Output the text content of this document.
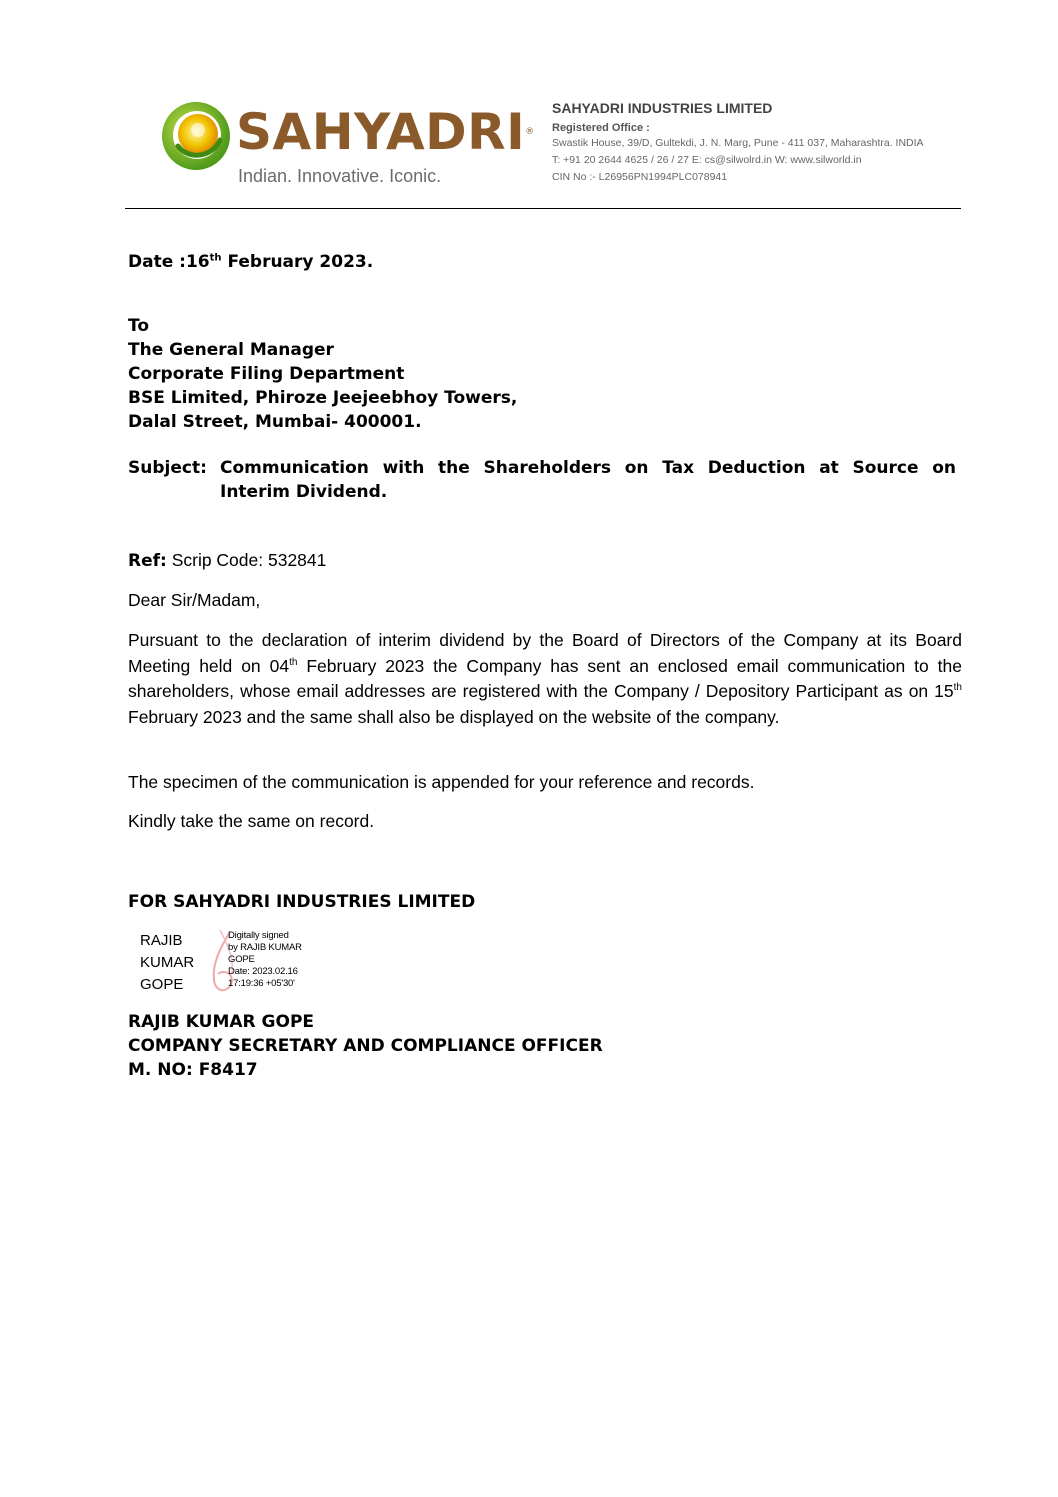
SAHYADRI®
Indian. Innovative. Iconic.
SAHYADRI INDUSTRIES LIMITED
Registered Office :
Swastik House, 39/D, Gultekdi, J. N. Marg, Pune - 411 037, Maharashtra. INDIA
T: +91 20 2644 4625 / 26 / 27 E: cs@silwolrd.in W: www.silworld.in
CIN No :- L26956PN1994PLC078941
Date :16th February 2023.
To
The General Manager
Corporate Filing Department
BSE Limited, Phiroze Jeejeebhoy Towers,
Dalal Street, Mumbai- 400001.
Subject: Communication with the Shareholders on Tax Deduction at Source on
Interim Dividend.
Ref: Scrip Code: 532841
Dear Sir/Madam,
Pursuant to the declaration of interim dividend by the Board of Directors of the Company at its Board Meeting held on 04th February 2023 the Company has sent an enclosed email communication to the shareholders, whose email addresses are registered with the Company / Depository Participant as on 15th February 2023 and the same shall also be displayed on the website of the company.
The specimen of the communication is appended for your reference and records.
Kindly take the same on record.
FOR SAHYADRI INDUSTRIES LIMITED
RAJIB
KUMAR
GOPE
Digitally signed
by RAJIB KUMAR
GOPE
Date: 2023.02.16
17:19:36 +05'30'
RAJIB KUMAR GOPE
COMPANY SECRETARY AND COMPLIANCE OFFICER
M. NO: F8417
